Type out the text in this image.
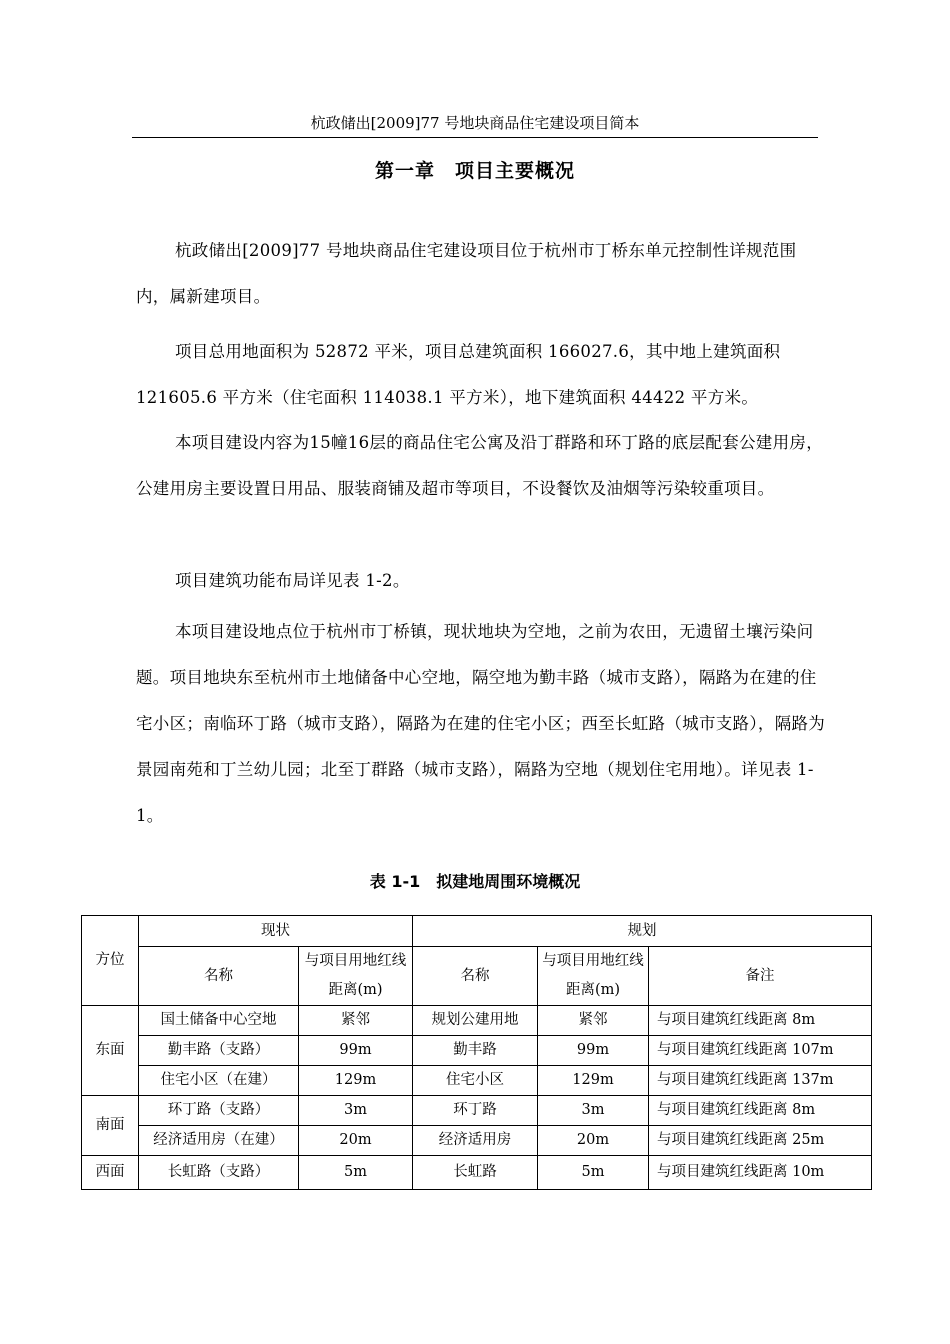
杭政储出[2009]77 号地块商品住宅建设项目简本
第一章　项目主要概况

杭政储出[2009]77 号地块商品住宅建设项目位于杭州市丁桥东单元控制性详规范围内，属新建项目。

项目总用地面积为 52872 平米，项目总建筑面积 166027.6，其中地上建筑面积 121605.6 平方米（住宅面积 114038.1 平方米），地下建筑面积 44422 平方米。

本项目建设内容为15幢16层的商品住宅公寓及沿丁群路和环丁路的底层配套公建用房，公建用房主要设置日用品、服装商铺及超市等项目，不设餐饮及油烟等污染较重项目。

项目建筑功能布局详见表 1-2。

本项目建设地点位于杭州市丁桥镇，现状地块为空地，之前为农田，无遗留土壤污染问题。项目地块东至杭州市土地储备中心空地，隔空地为勤丰路（城市支路），隔路为在建的住宅小区；南临环丁路（城市支路），隔路为在建的住宅小区；西至长虹路（城市支路），隔路为景园南苑和丁兰幼儿园；北至丁群路（城市支路），隔路为空地（规划住宅用地）。详见表 1-1。

表 1-1　拟建地周围环境概况
方位	现状		规划		
	名称	与项目用地红线距离(m)	名称	与项目用地红线距离(m)	备注
东面	国土储备中心空地	紧邻	规划公建用地	紧邻	与项目建筑红线距离 8m
	勤丰路（支路）	99m	勤丰路	99m	与项目建筑红线距离 107m
	住宅小区（在建）	129m	住宅小区	129m	与项目建筑红线距离 137m
南面	环丁路（支路）	3m	环丁路	3m	与项目建筑红线距离 8m
	经济适用房（在建）	20m	经济适用房	20m	与项目建筑红线距离 25m
西面	长虹路（支路）	5m	长虹路	5m	与项目建筑红线距离 10m
